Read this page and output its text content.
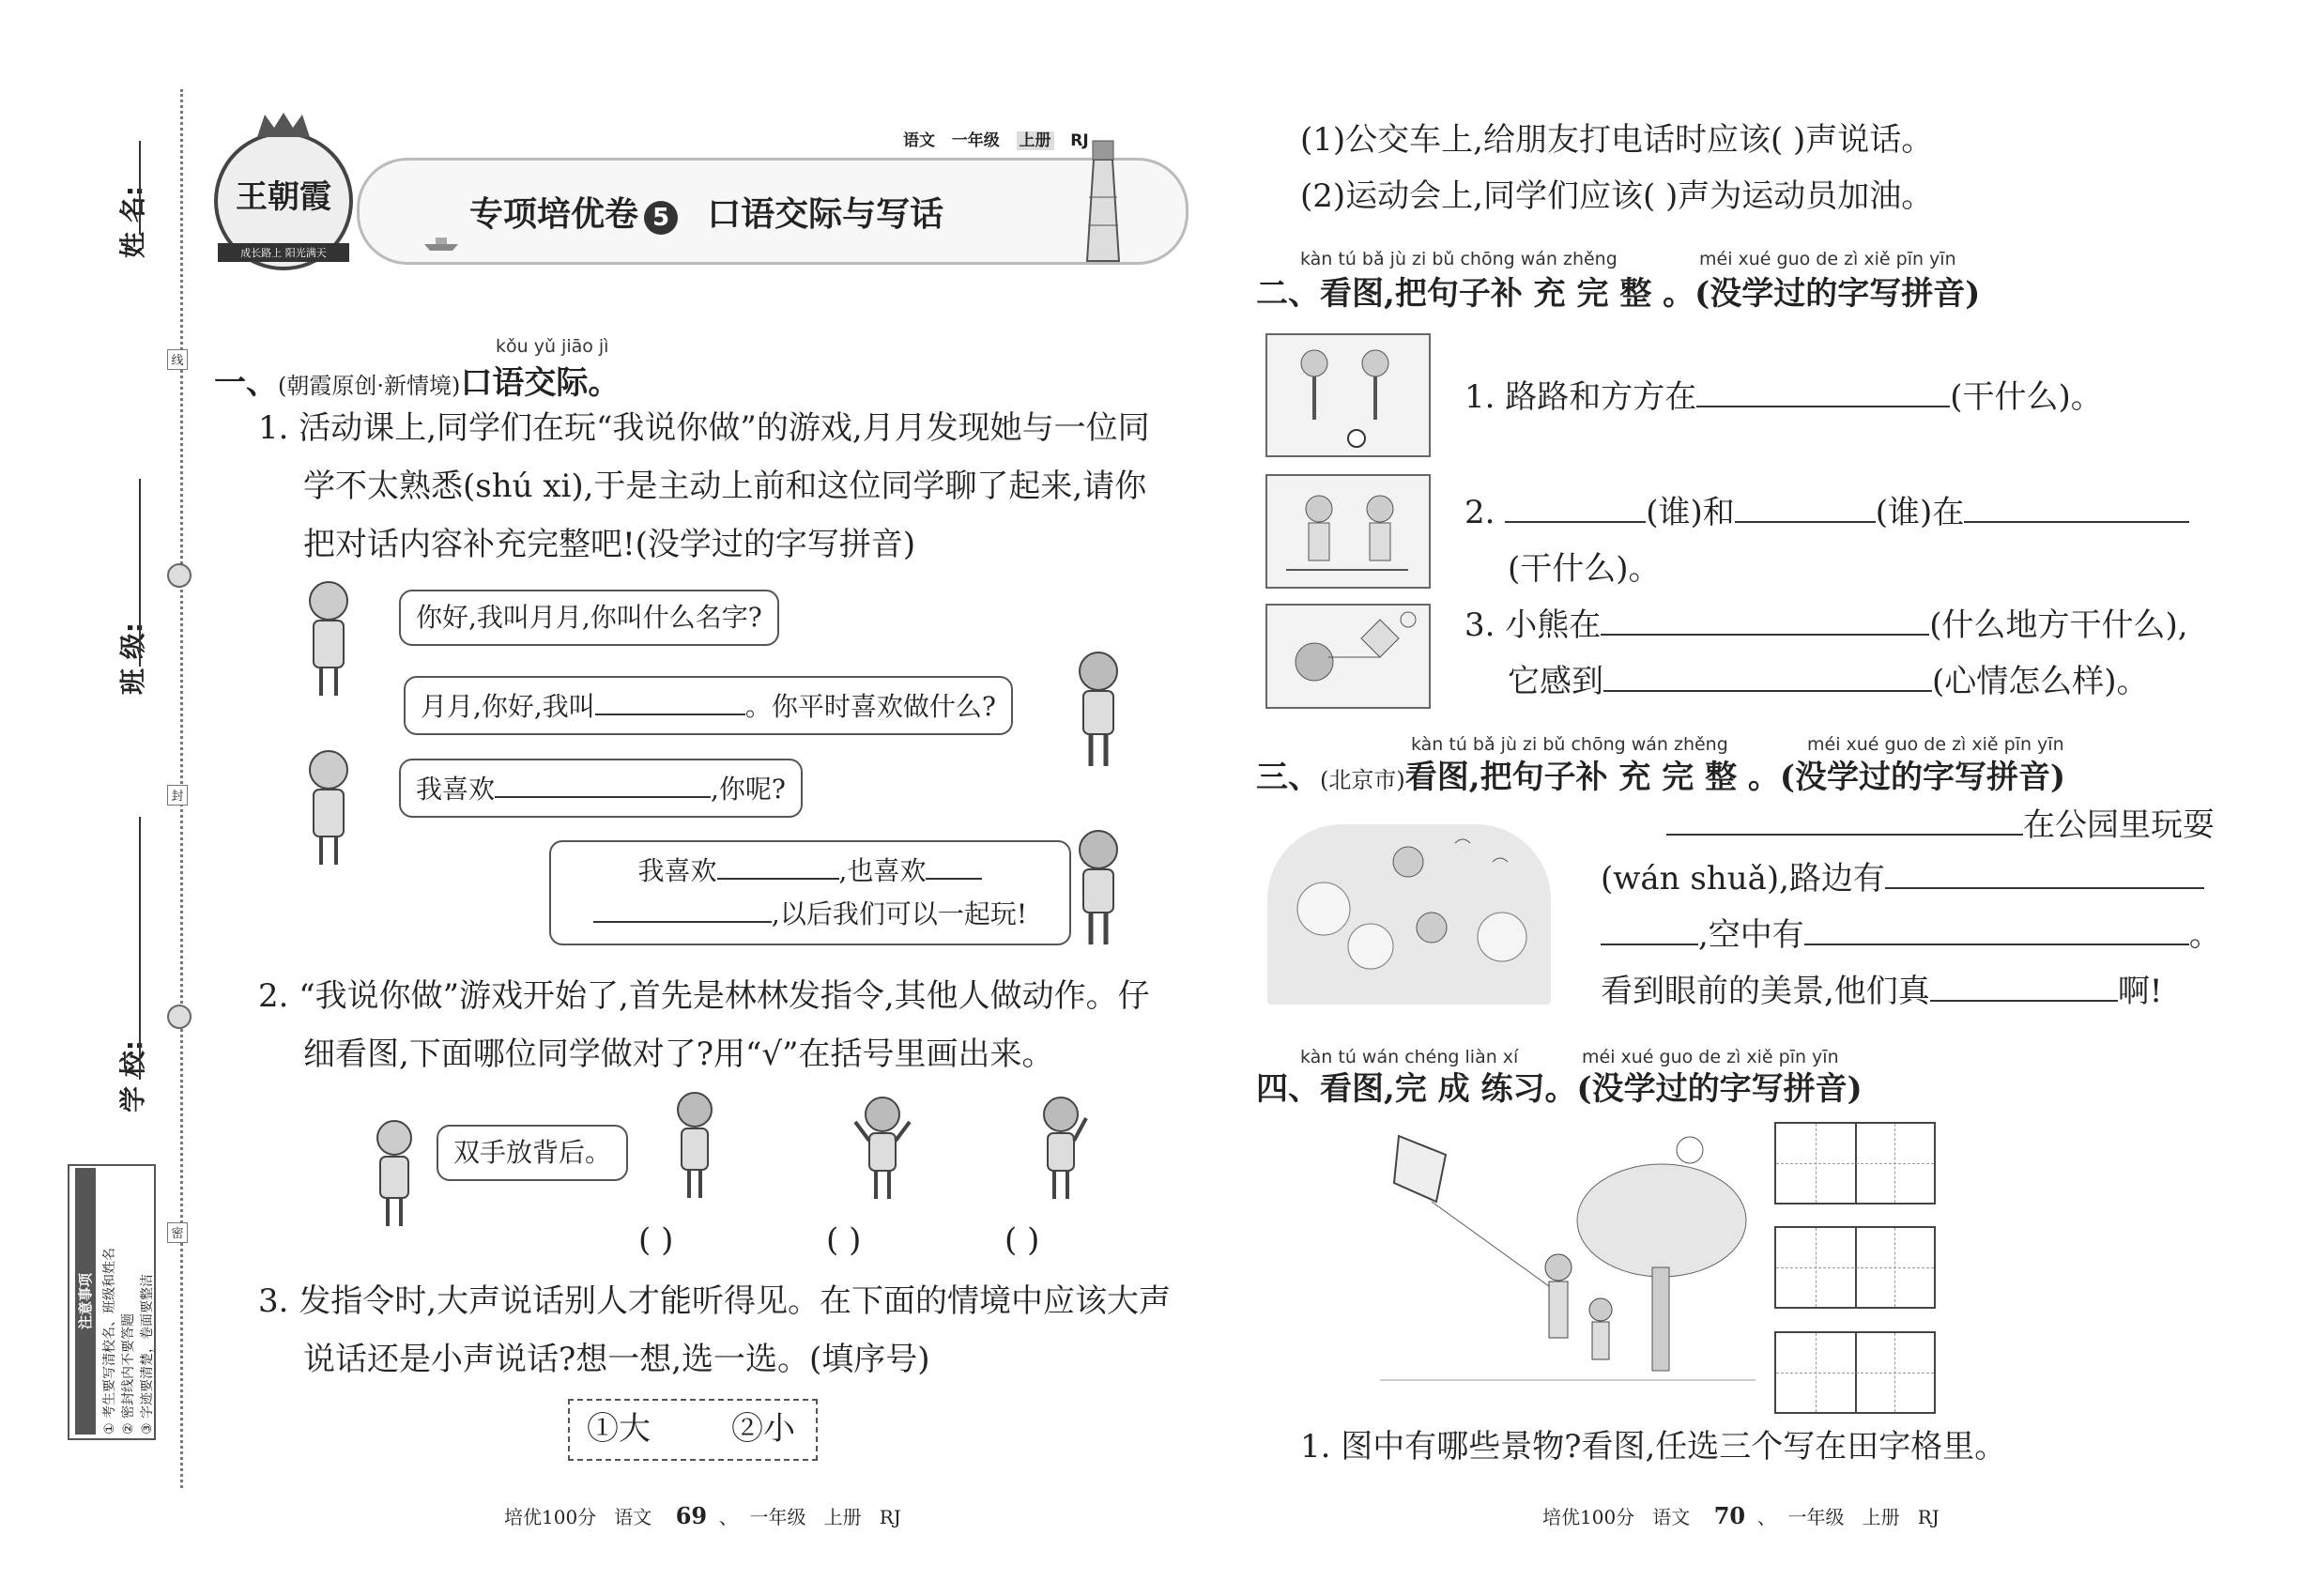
姓 名:
班 级:
学 校:
线
封
密
注意事项 ① 考生要写清校名、班级和姓名 ② 密封线内不要答题 ③ 字迹要清楚，卷面要整洁
王朝霞
成长路上 阳光满天
语文 一年级 上册 RJ
专项培优卷 5 口语交际与写话
kǒu yǔ jiāo jì
一、(朝霞原创·新情境)口语交际。
1. 活动课上,同学们在玩“我说你做”的游戏,月月发现她与一位同
学不太熟悉(shú xi),于是主动上前和这位同学聊了起来,请你
把对话内容补充完整吧!(没学过的字写拼音)
你好,我叫月月,你叫什么名字?
月月,你好,我叫	。你平时喜欢做什么?
我喜欢	,你呢?
我喜欢	,也喜欢
,以后我们可以一起玩!
2. “我说你做”游戏开始了,首先是林林发指令,其他人做动作。仔
细看图,下面哪位同学做对了?用“√”在括号里画出来。
双手放背后。
( )	( )	( )
3. 发指令时,大声说话别人才能听得见。在下面的情境中应该大声
说话还是小声说话?想一想,选一选。(填序号)
①大	②小
培优100分 语文 69  、  一年级 上册 RJ
(1)公交车上,给朋友打电话时应该( )声说话。
(2)运动会上,同学们应该( )声为运动员加油。
kàn tú bǎ jù zi bǔ chōng wán zhěng	méi xué guo de zì xiě pīn yīn
二、看图,把句子补 充 完 整 。(没学过的字写拼音)
1. 路路和方方在	(干什么)。
2.	(谁)和	(谁)在
(干什么)。
3. 小熊在	(什么地方干什么),
它感到	(心情怎么样)。
kàn tú bǎ jù zi bǔ chōng wán zhěng	méi xué guo de zì xiě pīn yīn
三、(北京市)看图,把句子补 充 完 整 。(没学过的字写拼音)
在公园里玩耍
(wán shuǎ),路边有
,空中有	。
看到眼前的美景,他们真	啊!
kàn tú wán chéng liàn xí	méi xué guo de zì xiě pīn yīn
四、看图,完 成 练习。(没学过的字写拼音)
1. 图中有哪些景物?看图,任选三个写在田字格里。
培优100分 语文 70  、  一年级 上册 RJ
